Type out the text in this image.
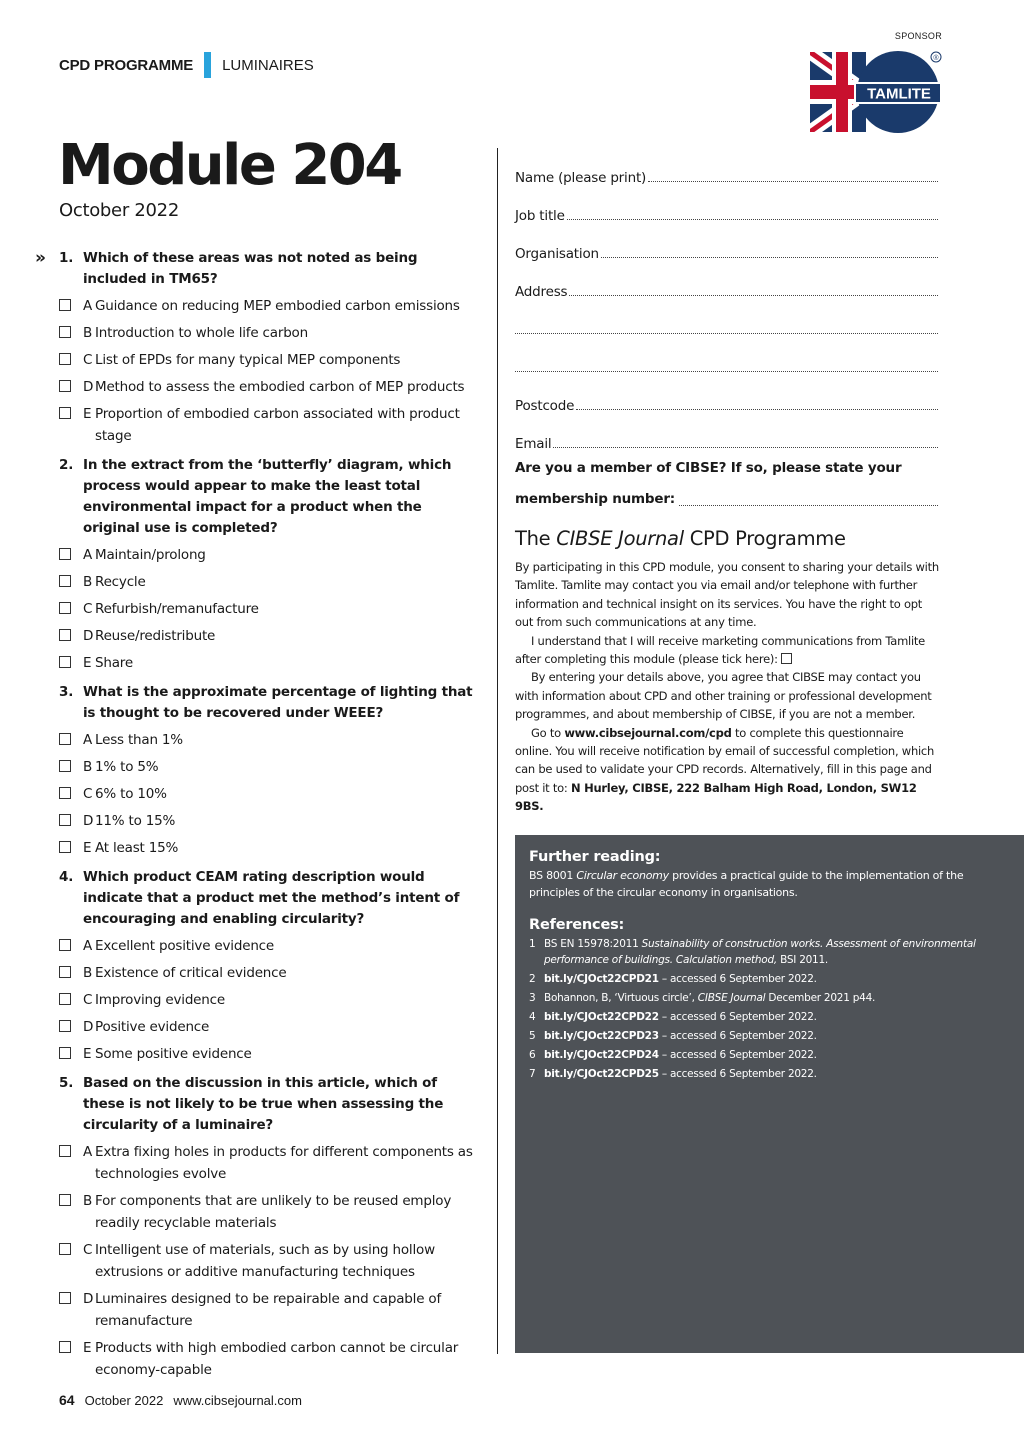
CPD PROGRAMME LUMINAIRES
SPONSOR
TAMLITE
®
Module 204
October 2022
» 1. Which of these areas was not noted as being included in TM65?
A Guidance on reducing MEP embodied carbon emissions
B Introduction to whole life carbon
C List of EPDs for many typical MEP components
D Method to assess the embodied carbon of MEP products
E Proportion of embodied carbon associated with product stage
2. In the extract from the ‘butterfly’ diagram, which process would appear to make the least total environmental impact for a product when the original use is completed?
A Maintain/prolong
B Recycle
C Refurbish/remanufacture
D Reuse/redistribute
E Share
3. What is the approximate percentage of lighting that is thought to be recovered under WEEE?
A Less than 1%
B 1% to 5%
C 6% to 10%
D 11% to 15%
E At least 15%
4. Which product CEAM rating description would indicate that a product met the method’s intent of encouraging and enabling circularity?
A Excellent positive evidence
B Existence of critical evidence
C Improving evidence
D Positive evidence
E Some positive evidence
5. Based on the discussion in this article, which of these is not likely to be true when assessing the circularity of a luminaire?
A Extra fixing holes in products for different components as technologies evolve
B For components that are unlikely to be reused employ readily recyclable materials
C Intelligent use of materials, such as by using hollow extrusions or additive manufacturing techniques
D Luminaires designed to be repairable and capable of remanufacture
E Products with high embodied carbon cannot be circular economy-capable
Name (please print)
Job title
Organisation
Address
Postcode
Email
Are you a member of CIBSE? If so, please state your
membership number:
The CIBSE Journal CPD Programme

By participating in this CPD module, you consent to sharing your details with Tamlite. Tamlite may contact you via email and/or telephone with further information and technical insight on its services. You have the right to opt out from such communications at any time.

I understand that I will receive marketing communications from Tamlite after completing this module (please tick here):

By entering your details above, you agree that CIBSE may contact you with information about CPD and other training or professional development programmes, and about membership of CIBSE, if you are not a member.

Go to www.cibsejournal.com/cpd to complete this questionnaire online. You will receive notification by email of successful completion, which can be used to validate your CPD records. Alternatively, fill in this page and post it to: N Hurley, CIBSE, 222 Balham High Road, London, SW12 9BS.

Further reading:
BS 8001 Circular economy provides a practical guide to the implementation of the principles of the circular economy in organisations.
References:
1 BS EN 15978:2011 Sustainability of construction works. Assessment of environmental performance of buildings. Calculation method, BSI 2011.
2 bit.ly/CJOct22CPD21 – accessed 6 September 2022.
3 Bohannon, B, ‘Virtuous circle’, CIBSE Journal December 2021 p44.
4 bit.ly/CJOct22CPD22 – accessed 6 September 2022.
5 bit.ly/CJOct22CPD23 – accessed 6 September 2022.
6 bit.ly/CJOct22CPD24 – accessed 6 September 2022.
7 bit.ly/CJOct22CPD25 – accessed 6 September 2022.
64 October 2022 www.cibsejournal.com
